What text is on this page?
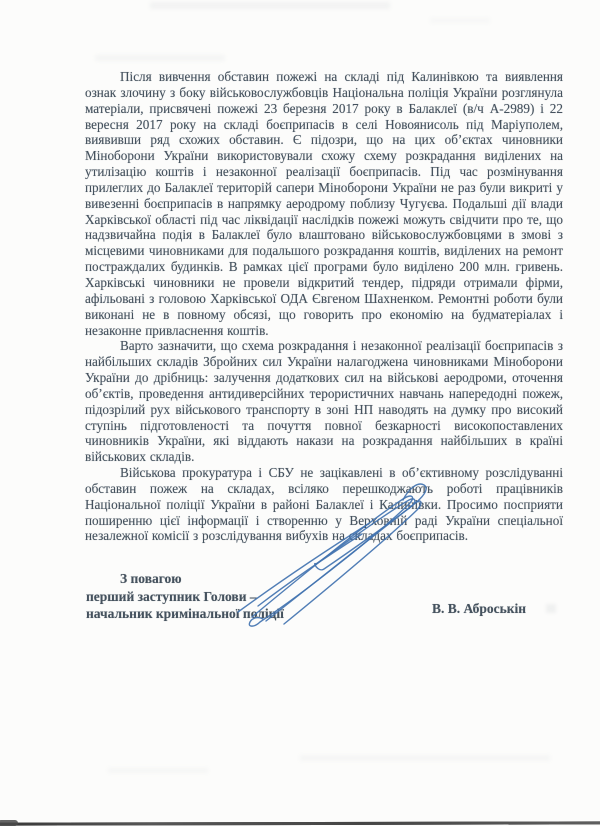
Після вивчення обставин пожежі на складі під Калинівкою та виявлення ознак злочину з боку військовослужбовців Національна поліція України розглянула матеріали, присвячені пожежі 23 березня 2017 року в Балаклеї (в/ч А-2989) і 22 вересня 2017 року на складі боєприпасів в селі Новоянисоль під Маріуполем, виявивши ряд схожих обставин. Є підозри, що на цих об’єктах чиновники Міноборони України використовували схожу схему розкрадання виділених на утилізацію коштів і незаконної реалізації боєприпасів. Під час розмінування прилеглих до Балаклеї територій сапери Міноборони України не раз були викриті у вивезенні боєприпасів в напрямку аеродрому поблизу Чугуєва. Подальші дії влади Харківської області під час ліквідації наслідків пожежі можуть свідчити про те, що надзвичайна подія в Балаклеї було влаштовано військовослужбовцями в змові з місцевими чиновниками для подальшого розкрадання коштів, виділених на ремонт постраждалих будинків. В рамках цієї програми було виділено 200 млн. гривень. Харківські чиновники не провели відкритий тендер, підряди отримали фірми, афільовані з головою Харківської ОДА Євгеном Шахненком. Ремонтні роботи були виконані не в повному обсязі, що говорить про економію на будматеріалах і незаконне привласнення коштів.

Варто зазначити, що схема розкрадання і незаконної реалізації боєприпасів з найбільших складів Збройних сил України налагоджена чиновниками Міноборони України до дрібниць: залучення додаткових сил на військові аеродроми, оточення об’єктів, проведення антидиверсійних терористичних навчань напередодні пожеж, підозрілий рух військового транспорту в зоні НП наводять на думку про високий ступінь підготовленості та почуття повної безкарності високопоставлених чиновників України, які віддають накази на розкрадання найбільших в країні військових складів.

Військова прокуратура і СБУ не зацікавлені в об’єктивному розслідуванні обставин пожеж на складах, всіляко перешкоджають роботі працівників Національної поліції України в районі Балаклеї і Калинівки. Просимо посприяти поширенню цієї інформації і створенню у Верховній раді України спеціальної незалежної комісії з розслідування вибухів на складах боєприпасів.

З повагою
перший заступник Голови –
начальник кримінальної поліції	В. В. Аброськін
